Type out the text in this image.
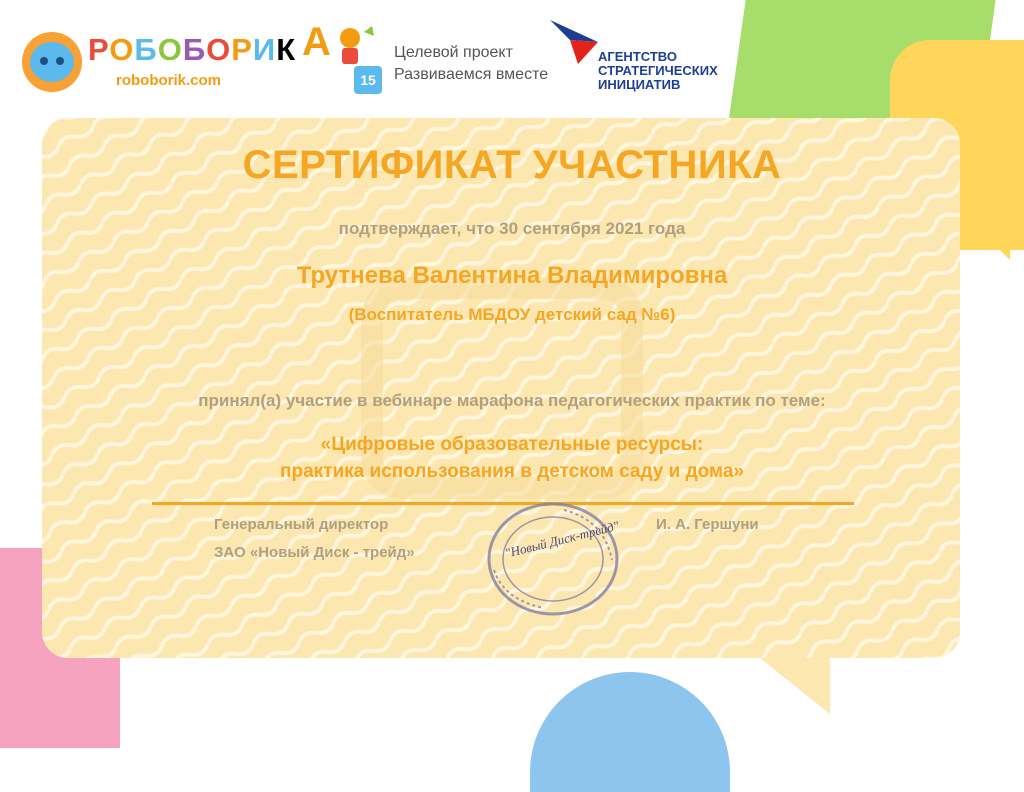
РОБОБОРИК
roboborik.com
А
15
Целевой проект
Развиваемся вместе
АГЕНТСТВО
СТРАТЕГИЧЕСКИХ
ИНИЦИАТИВ
СЕРТИФИКАТ УЧАСТНИКА
подтверждает, что 30 сентября 2021 года
Трутнева Валентина Владимировна
(Воспитатель МБДОУ детский сад №6)
принял(а) участие в вебинаре марафона педагогических практик по теме:
«Цифровые образовательные ресурсы:
практика использования в детском саду и дома»
Генеральный директор
ЗАО «Новый Диск - трейд»
И. А. Гершуни
"Новый Диск-трейд"
